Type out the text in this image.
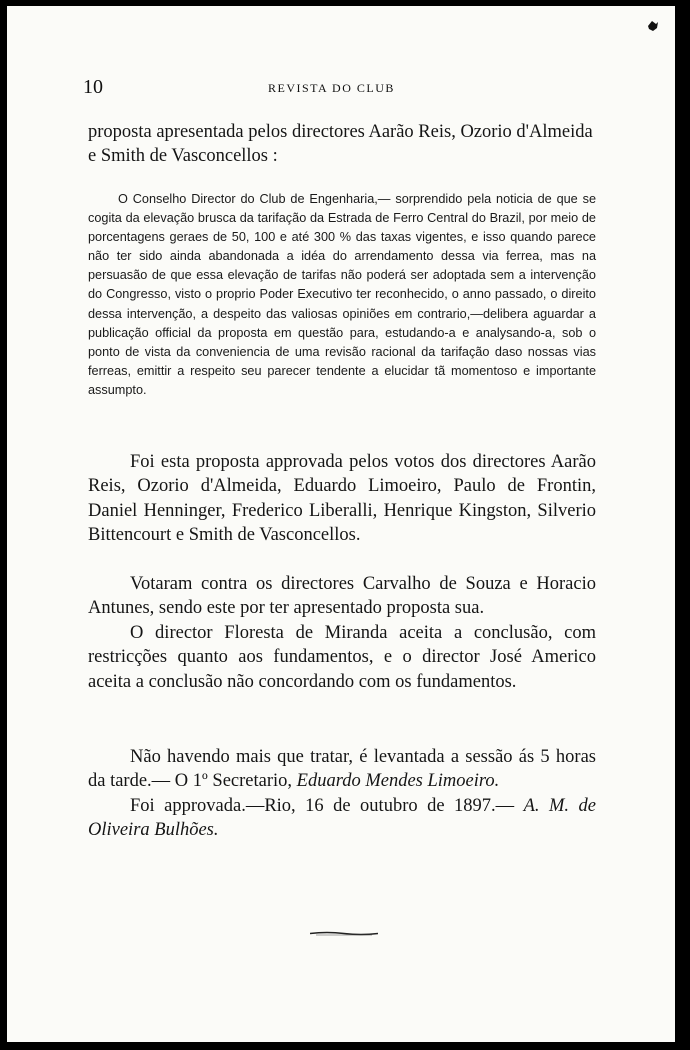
10	REVISTA DO CLUB

proposta apresentada pelos directores Aarão Reis, Ozorio d'Almeida e Smith de Vasconcellos :

O Conselho Director do Club de Engenharia,— sorprendido pela noticia de que se cogita da elevação brusca da tarifação da Estrada de Ferro Central do Brazil, por meio de porcentagens geraes de 50, 100 e até 300 % das taxas vigentes, e isso quando parece não ter sido ainda abandonada a idéa do arrendamento dessa via ferrea, mas na persuasão de que essa elevação de tarifas não poderá ser adoptada sem a intervenção do Congresso, visto o proprio Poder Executivo ter reconhecido, o anno passado, o direito dessa intervenção, a despeito das valiosas opiniões em contrario,—delibera aguardar a publicação official da proposta em questão para, estudando-a e analysando-a, sob o ponto de vista da conveniencia de uma revisão racional da tarifação daso nossas vias ferreas, emittir a respeito seu parecer tendente a elucidar tã momentoso e importante assumpto.

Foi esta proposta approvada pelos votos dos directores Aarão Reis, Ozorio d'Almeida, Eduardo Limoeiro, Paulo de Frontin, Daniel Henninger, Frederico Liberalli, Henrique Kingston, Silverio Bittencourt e Smith de Vasconcellos.

Votaram contra os directores Carvalho de Souza e Horacio Antunes, sendo este por ter apresentado proposta sua.

O director Floresta de Miranda aceita a conclusão, com restricções quanto aos fundamentos, e o director José Americo aceita a conclusão não concordando com os fundamentos.

Não havendo mais que tratar, é levantada a sessão ás 5 horas da tarde.— O 1º Secretario, Eduardo Mendes Limoeiro.

Foi approvada.—Rio, 16 de outubro de 1897.— A. M. de Oliveira Bulhões.
